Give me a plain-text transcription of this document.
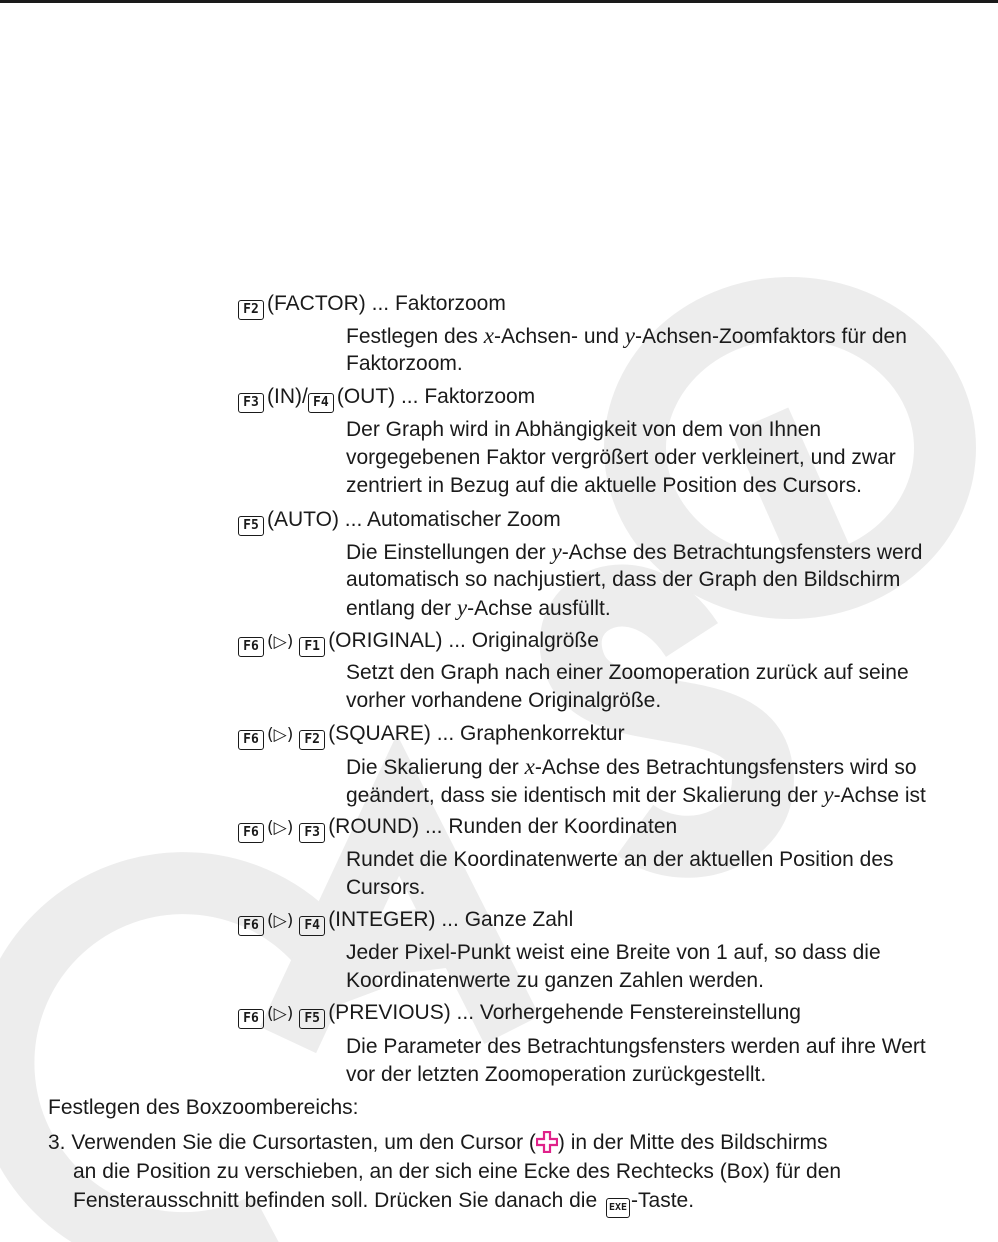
F2 (FACTOR) ... Faktorzoom
Festlegen des x-Achsen- und y-Achsen-Zoomfaktors für den
Faktorzoom.
F3 (IN)/ F4 (OUT) ... Faktorzoom
Der Graph wird in Abhängigkeit von dem von Ihnen
vorgegebenen Faktor vergrößert oder verkleinert, und zwar
zentriert in Bezug auf die aktuelle Position des Cursors.
F5 (AUTO) ... Automatischer Zoom
Die Einstellungen der y-Achse des Betrachtungsfensters werd
automatisch so nachjustiert, dass der Graph den Bildschirm
entlang der y-Achse ausfüllt.
F6 (▷) F1 (ORIGINAL) ... Originalgröße
Setzt den Graph nach einer Zoomoperation zurück auf seine
vorher vorhandene Originalgröße.
F6 (▷) F2 (SQUARE) ... Graphenkorrektur
Die Skalierung der x-Achse des Betrachtungsfensters wird so
geändert, dass sie identisch mit der Skalierung der y-Achse ist
F6 (▷) F3 (ROUND) ... Runden der Koordinaten
Rundet die Koordinatenwerte an der aktuellen Position des
Cursors.
F6 (▷) F4 (INTEGER) ... Ganze Zahl
Jeder Pixel-Punkt weist eine Breite von 1 auf, so dass die
Koordinatenwerte zu ganzen Zahlen werden.
F6 (▷) F5 (PREVIOUS) ... Vorhergehende Fenstereinstellung
Die Parameter des Betrachtungsfensters werden auf ihre Wert
vor der letzten Zoomoperation zurückgestellt.
Festlegen des Boxzoombereichs:
3. Verwenden Sie die Cursortasten, um den Cursor ( ) in der Mitte des Bildschirms
an die Position zu verschieben, an der sich eine Ecke des Rechtecks (Box) für den
Fensterausschnitt befinden soll. Drücken Sie danach die EXE -Taste.
